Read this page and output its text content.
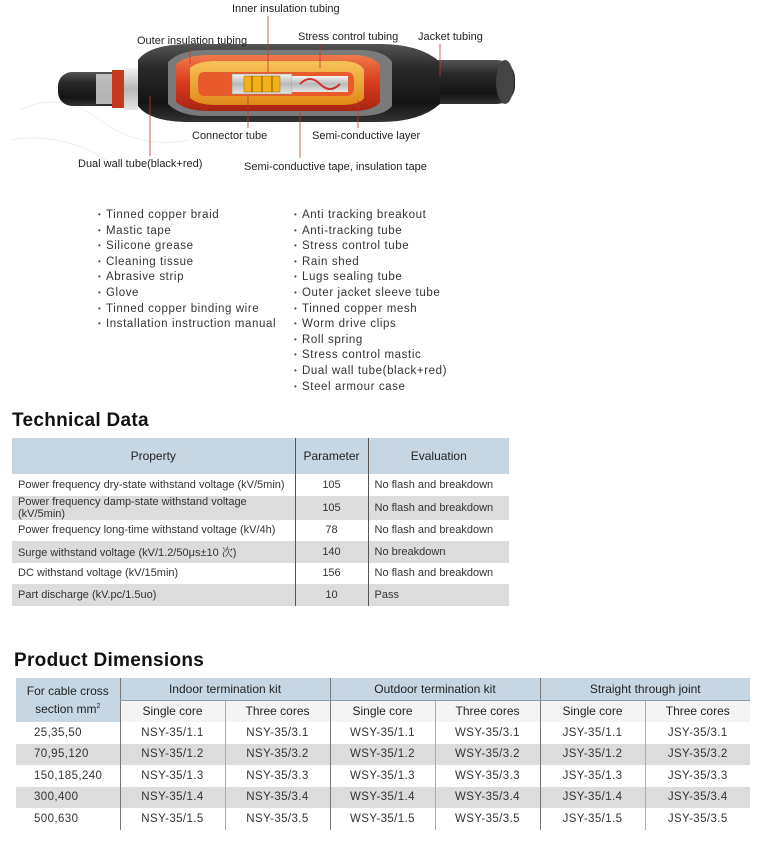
Inner insulation tubing
Outer insulation tubing	Stress control tubing Jacket tubing
Connector tube	Semi-conductive layer
Dual wall tube(black+red)	Semi-conductive tape, insulation tape
• Tinned copper braid
• Mastic tape
• Silicone grease
• Cleaning tissue
• Abrasive strip
• Glove
• Tinned copper binding wire
• Installation instruction manual
• Anti tracking breakout
• Anti-tracking tube
• Stress control tube
• Rain shed
• Lugs sealing tube
• Outer jacket sleeve tube
• Tinned copper mesh
• Worm drive clips
• Roll spring
• Stress control mastic
• Dual wall tube(black+red)
• Steel armour case
Technical Data
Property	Parameter	Evaluation
Power frequency dry-state withstand voltage (kV/5min)	105	No flash and breakdown
Power frequency damp-state withstand voltage (kV/5min)	105	No flash and breakdown
Power frequency long-time withstand voltage (kV/4h)	78	No flash and breakdown
Surge withstand voltage (kV/1.2/50μs±10 次)	140	No breakdown
DC withstand voltage (kV/15min)	156	No flash and breakdown
Part discharge (kV.pc/1.5uo)	10	Pass
Product Dimensions
For cable cross
section $mm^2$	Indoor termination kit		Outdoor termination kit		Straight through joint	
	Single core	Three cores	Single core	Three cores	Single core	Three cores
25,35,50	NSY-35/1.1	NSY-35/3.1	WSY-35/1.1	WSY-35/3.1	JSY-35/1.1	JSY-35/3.1
70,95,120	NSY-35/1.2	NSY-35/3.2	WSY-35/1.2	WSY-35/3.2	JSY-35/1.2	JSY-35/3.2
150,185,240	NSY-35/1.3	NSY-35/3.3	WSY-35/1.3	WSY-35/3.3	JSY-35/1.3	JSY-35/3.3
300,400	NSY-35/1.4	NSY-35/3.4	WSY-35/1.4	WSY-35/3.4	JSY-35/1.4	JSY-35/3.4
500,630	NSY-35/1.5	NSY-35/3.5	WSY-35/1.5	WSY-35/3.5	JSY-35/1.5	JSY-35/3.5
